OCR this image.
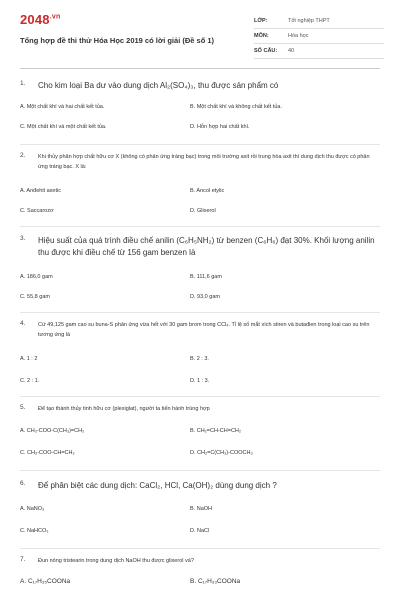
$2048^{.vn}$
Tổng hợp đề thi thử Hóa Học 2019 có lời giải (Đề số 1)
LỚP:	Tốt nghiệp THPT
MÔN:	Hóa học
SỐ CÂU:	40
1.	Cho kim loại Ba dư vào dung dịch Al₂(SO₄)₃, thu được sản phẩm có
A. Một chất khí và hai chất kết tủa.	B. Một chất khí và không chất kết tủa.
C. Một chất khí và một chất kết tủa.	D. Hỗn hợp hai chất khí.
2.	Khi thủy phân hợp chất hữu cơ X (không có phản ứng tráng bạc) trong môi trường axit rồi trung hòa axit thì dung dịch thu được có phản ứng tráng bạc. X là:
A. Anđehit axetic	B. Ancol etylic
C. Saccarozơ	D. Glixerol
3.	Hiệu suất của quá trình điều chế anilin (C₆H₅NH₂) từ benzen (C₆H₆) đạt 30%. Khối lượng anilin thu được khi điều chế từ 156 gam benzen là
A. 186,0 gam	B. 111,6 gam
C. 55,8 gam	D. 93,0 gam
4.	Cứ 49,125 gam cao su buna-S phản ứng vừa hết với 30 gam brom trong CCl₄. Tỉ lệ số mắt xích stiren và butađien trong loại cao su trên tương ứng là
A. 1 : 2	B. 2 : 3.
C. 2 : 1.	D. 1 : 3.
5.	Để tạo thành thủy tinh hữu cơ (plexiglat), người ta tiến hành trùng hợp
A. CH₃-COO-C(CH₃)=CH₂	B. CH₂=CH-CH=CH₂
C. CH₃-COO-CH=CH₂	D. CH₂=C(CH₃)-COOCH₃
6.	Để phân biệt các dung dịch: CaCl₂, HCl, Ca(OH)₂ dùng dung dịch ?
A. NaNO₃	B. NaOH
C. NaHCO₃	D. NaCl
7.	Đun nóng tristearin trong dung dịch NaOH thu được glixerol và?
A. C₁₇H₃₅COONa	B. C₁₇H₃₃COONa
